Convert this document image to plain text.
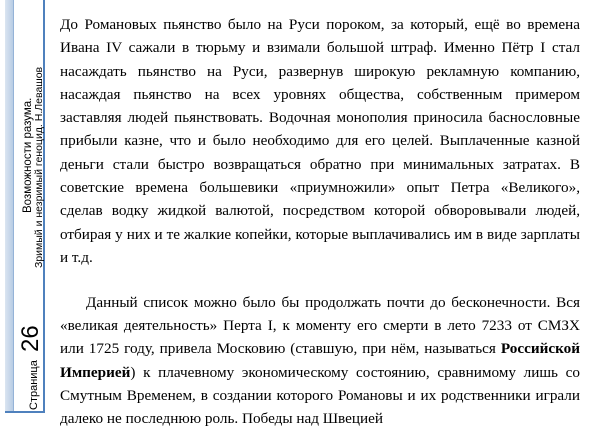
Возможности разума. Зримый и незримый геноцид. Н.Левашов
Страница
26

До Романовых пьянство было на Руси пороком, за который, ещё во времена Ивана IV сажали в тюрьму и взимали большой штраф. Именно Пётр I стал насаждать пьянство на Руси, развернув широкую рекламную компанию, насаждая пьянство на всех уровнях общества, собственным примером заставляя людей пьянствовать. Водочная монополия приносила баснословные прибыли казне, что и было необходимо для его целей. Выплаченные казной деньги стали быстро возвращаться обратно при минимальных затратах. В советские времена большевики «приумножили» опыт Петра «Великого», сделав водку жидкой валютой, посредством которой обворовывали людей, отбирая у них и те жалкие копейки, которые выплачивались им в виде зарплаты и т.д.

Данный список можно было бы продолжать почти до бесконечности. Вся «великая деятельность» Перта I, к моменту его смерти в лето 7233 от СМЗХ или 1725 году, привела Московию (ставшую, при нём, называться Российской Империей) к плачевному экономическому состоянию, сравнимому лишь со Смутным Временем, в создании которого Романовы и их родственники играли далеко не последнюю роль. Победы над Швецией
